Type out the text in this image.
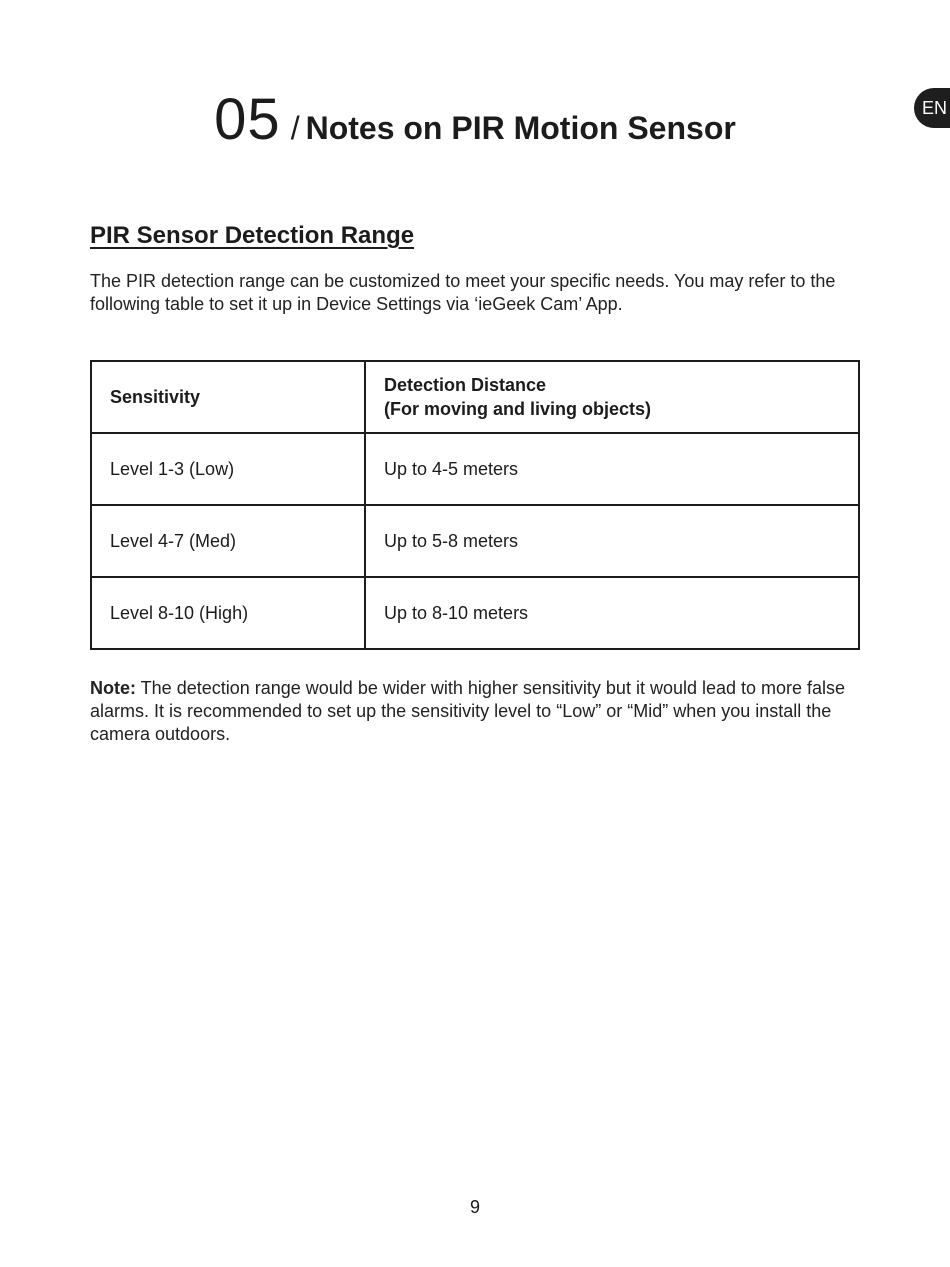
05 / Notes on PIR Motion Sensor
EN
PIR Sensor Detection Range

The PIR detection range can be customized to meet your specific needs. You may refer to the following table to set it up in Device Settings via ‘ieGeek Cam’ App.

Sensitivity	Detection Distance
(For moving and living objects)

Level 1-3 (Low)	Up to 4-5 meters
Level 4-7 (Med)	Up to 5-8 meters
Level 8-10 (High)	Up to 8-10 meters

Note: The detection range would be wider with higher sensitivity but it would lead to more false alarms. It is recommended to set up the sensitivity level to “Low” or “Mid” when you install the camera outdoors.

9
